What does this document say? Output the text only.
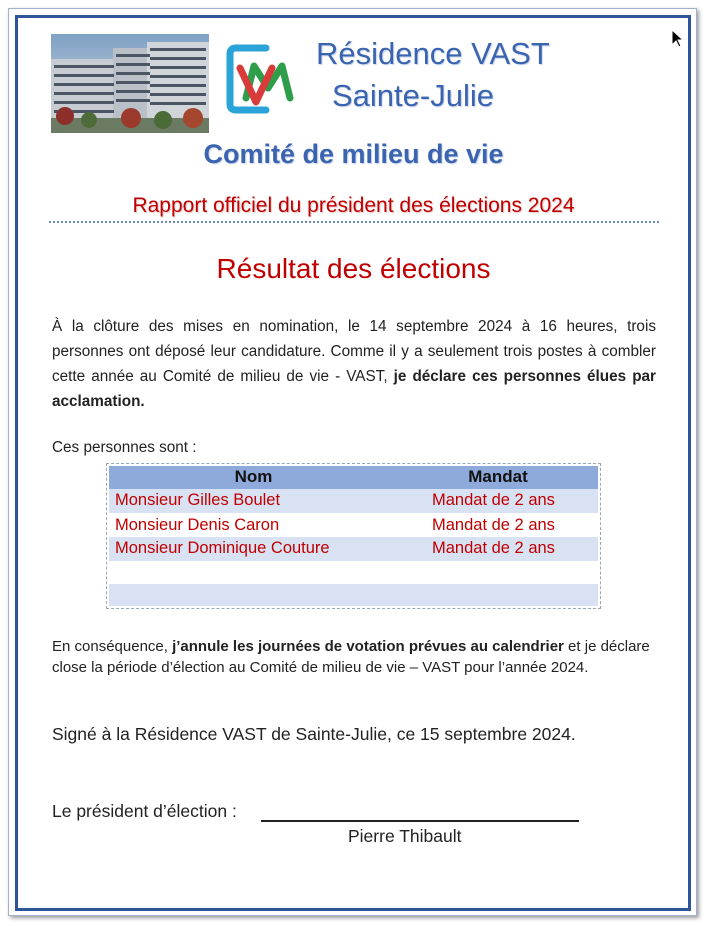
Résidence VAST
Sainte-Julie
Comité de milieu de vie
Rapport officiel du président des élections 2024
Résultat des élections
À la clôture des mises en nomination, le 14 septembre 2024 à 16 heures, trois personnes ont déposé leur candidature. Comme il y a seulement trois postes à combler cette année au Comité de milieu de vie - VAST, je déclare ces personnes élues par acclamation.
Ces personnes sont :
Nom	Mandat
Monsieur Gilles Boulet	Mandat de 2 ans
Monsieur Denis Caron	Mandat de 2 ans
Monsieur Dominique Couture	Mandat de 2 ans
En conséquence, j’annule les journées de votation prévues au calendrier et je déclare close la période d’élection au Comité de milieu de vie – VAST pour l’année 2024.
Signé à la Résidence VAST de Sainte-Julie, ce 15 septembre 2024.
Le président d’élection :
Pierre Thibault
